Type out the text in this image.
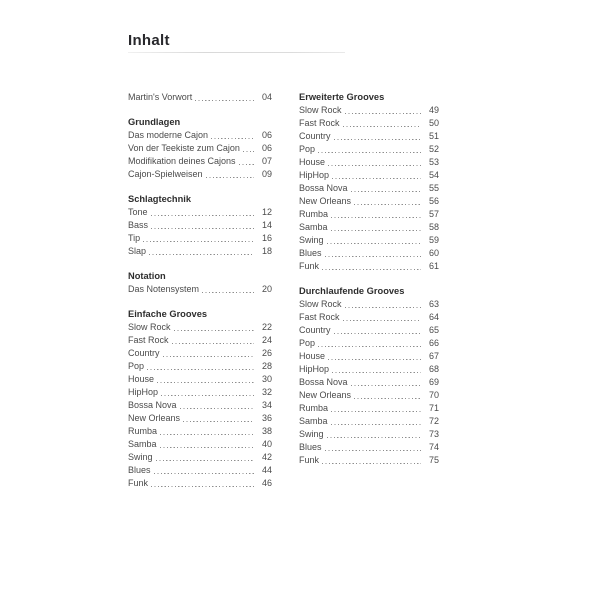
Inhalt
Martin's Vorwort	04
Grundlagen
Das moderne Cajon	06
Von der Teekiste zum Cajon	06
Modifikation deines Cajons	07
Cajon-Spielweisen	09
Schlagtechnik
Tone	12
Bass	14
Tip	16
Slap	18
Notation
Das Notensystem	20
Einfache Grooves
Slow Rock	22
Fast Rock	24
Country	26
Pop	28
House	30
HipHop	32
Bossa Nova	34
New Orleans	36
Rumba	38
Samba	40
Swing	42
Blues	44
Funk	46
Erweiterte Grooves
Slow Rock	49
Fast Rock	50
Country	51
Pop	52
House	53
HipHop	54
Bossa Nova	55
New Orleans	56
Rumba	57
Samba	58
Swing	59
Blues	60
Funk	61
Durchlaufende Grooves
Slow Rock	63
Fast Rock	64
Country	65
Pop	66
House	67
HipHop	68
Bossa Nova	69
New Orleans	70
Rumba	71
Samba	72
Swing	73
Blues	74
Funk	75
